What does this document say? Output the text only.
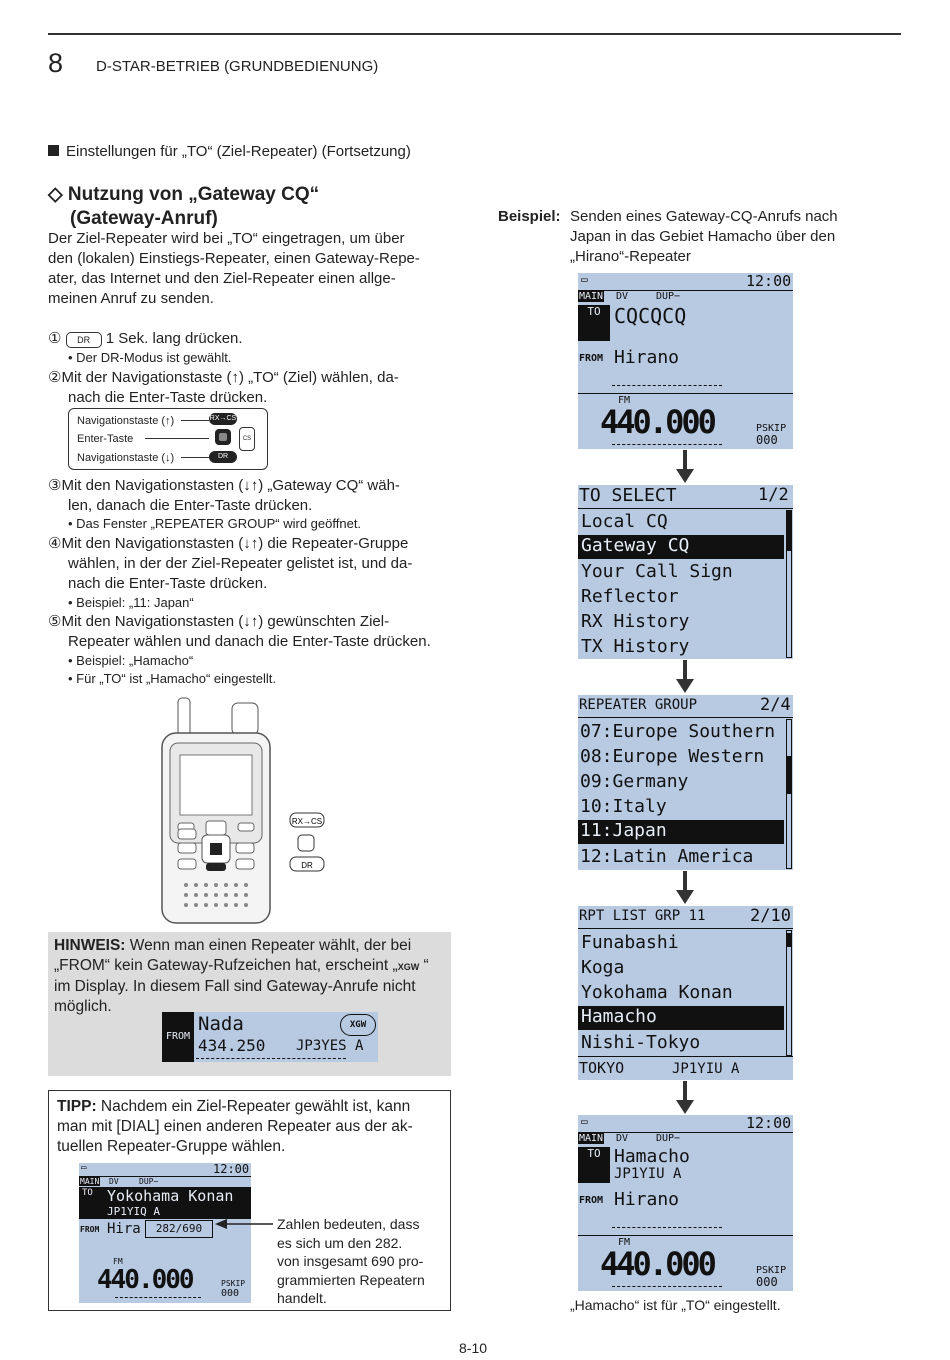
8 D-STAR-BETRIEB (GRUNDBEDIENUNG)
Einstellungen für „TO“ (Ziel-Repeater) (Fortsetzung)
◇ Nutzung von „Gateway CQ“
(Gateway-Anruf)
Der Ziel-Repeater wird bei „TO“ eingetragen, um über
den (lokalen) Einstiegs-Repeater, einen Gateway-Repe-
ater, das Internet und den Ziel-Repeater einen allge-
meinen Anruf zu senden.
① DR 1 Sek. lang drücken.
• Der DR-Modus ist gewählt.
②Mit der Navigationstaste (↑) „TO“ (Ziel) wählen, da-
nach die Enter-Taste drücken.
Navigationstaste (↑)
Enter-Taste
Navigationstaste (↓)
RX→CS
CS
DR
③Mit den Navigationstasten (↓↑) „Gateway CQ“ wäh-
len, danach die Enter-Taste drücken.
• Das Fenster „REPEATER GROUP“ wird geöffnet.
④Mit den Navigationstasten (↓↑) die Repeater-Gruppe
wählen, in der der Ziel-Repeater gelistet ist, und da-
nach die Enter-Taste drücken.
• Beispiel: „11: Japan“
⑤Mit den Navigationstasten (↓↑) gewünschten Ziel-
Repeater wählen und danach die Enter-Taste drücken.
• Beispiel: „Hamacho“
• Für „TO“ ist „Hamacho“ eingestellt.
RX→CS
DR
HINWEIS: Wenn man einen Repeater wählt, der bei
„FROM“ kein Gateway-Rufzeichen hat, erscheint „XGW “
im Display. In diesem Fall sind Gateway-Anrufe nicht
möglich.
FROM
Nada
434.250 JP3YES A
XGW
TIPP: Nachdem ein Ziel-Repeater gewählt ist, kann
man mit [DIAL] einen anderen Repeater aus der ak-
tuellen Repeater-Gruppe wählen.
▭	12:00
MAIN DV	DUP−
TO Yokohama Konan
JP1YIQ A
FROM Hira	282/690
FM
440.000	PSKIP
000
Zahlen bedeuten, dass
es sich um den 282.
von insgesamt 690 pro-
grammierten Repeatern
handelt.
Beispiel: Senden eines Gateway-CQ-Anrufs nach
Japan in das Gebiet Hamacho über den
„Hirano“-Repeater
▭	12:00
MAIN DV	DUP−
TO CQCQCQ
FROM Hirano
FM
440.000	PSKIP
000
TO SELECT	1/2
Local CQ
Gateway CQ
Your Call Sign
Reflector
RX History
TX History
REPEATER GROUP	2/4
07:Europe Southern
08:Europe Western
09:Germany
10:Italy
11:Japan
12:Latin America
RPT LIST GRP 11	2/10
Funabashi
Koga
Yokohama Konan
Hamacho
Nishi-Tokyo
TOKYO	JP1YIU A
▭	12:00
MAIN DV	DUP−
TO Hamacho
JP1YIU A
FROM Hirano
FM
440.000	PSKIP
000
„Hamacho“ ist für „TO“ eingestellt.
8-10
